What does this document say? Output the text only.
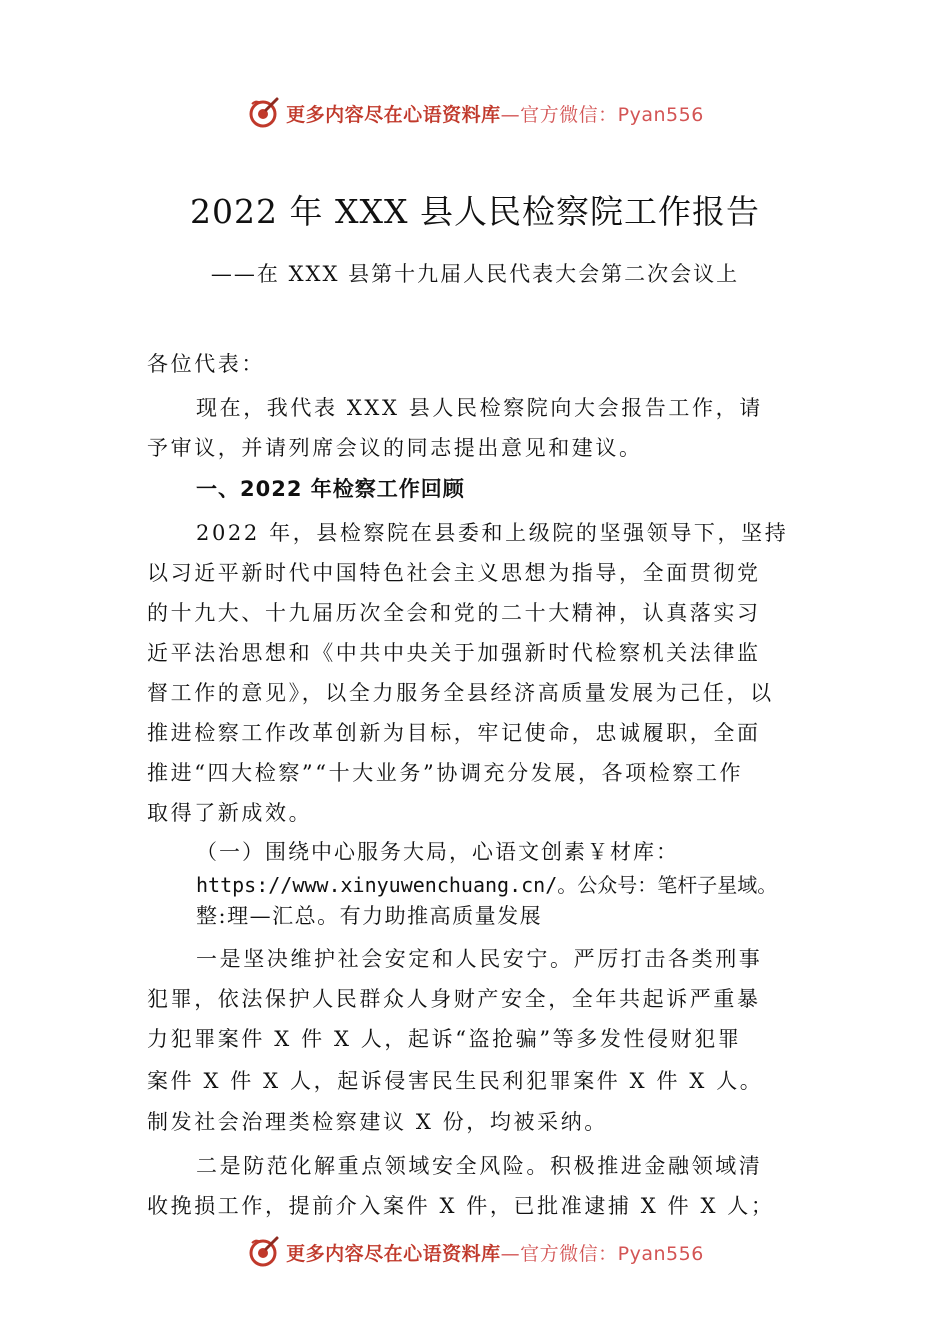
更多内容尽在心语资料库 —官方微信：Pyan556
2022 年 XXX 县人民检察院工作报告
——在 XXX 县第十九届人民代表大会第二次会议上
各位代表：
现在，我代表 XXX 县人民检察院向大会报告工作，请
予审议，并请列席会议的同志提出意见和建议。
一、2022 年检察工作回顾
2022 年，县检察院在县委和上级院的坚强领导下，坚持
以习近平新时代中国特色社会主义思想为指导，全面贯彻党
的十九大、十九届历次全会和党的二十大精神，认真落实习
近平法治思想和《中共中央关于加强新时代检察机关法律监
督工作的意见》，以全力服务全县经济高质量发展为己任，以
推进检察工作改革创新为目标，牢记使命，忠诚履职，全面
推进“四大检察”“十大业务”协调充分发展，各项检察工作
取得了新成效。
（一）围绕中心服务大局，心语文创素￥材库：
https://www.xinyuwenchuang.cn/。公众号：笔杆子星域。
整:理—汇总。有力助推高质量发展
一是坚决维护社会安定和人民安宁。严厉打击各类刑事
犯罪，依法保护人民群众人身财产安全，全年共起诉严重暴
力犯罪案件 X 件 X 人，起诉“盗抢骗”等多发性侵财犯罪
案件 X 件 X 人，起诉侵害民生民利犯罪案件 X 件 X 人。
制发社会治理类检察建议 X 份，均被采纳。
二是防范化解重点领域安全风险。积极推进金融领域清
收挽损工作，提前介入案件 X 件，已批准逮捕 X 件 X 人；
更多内容尽在心语资料库 —官方微信：Pyan556
